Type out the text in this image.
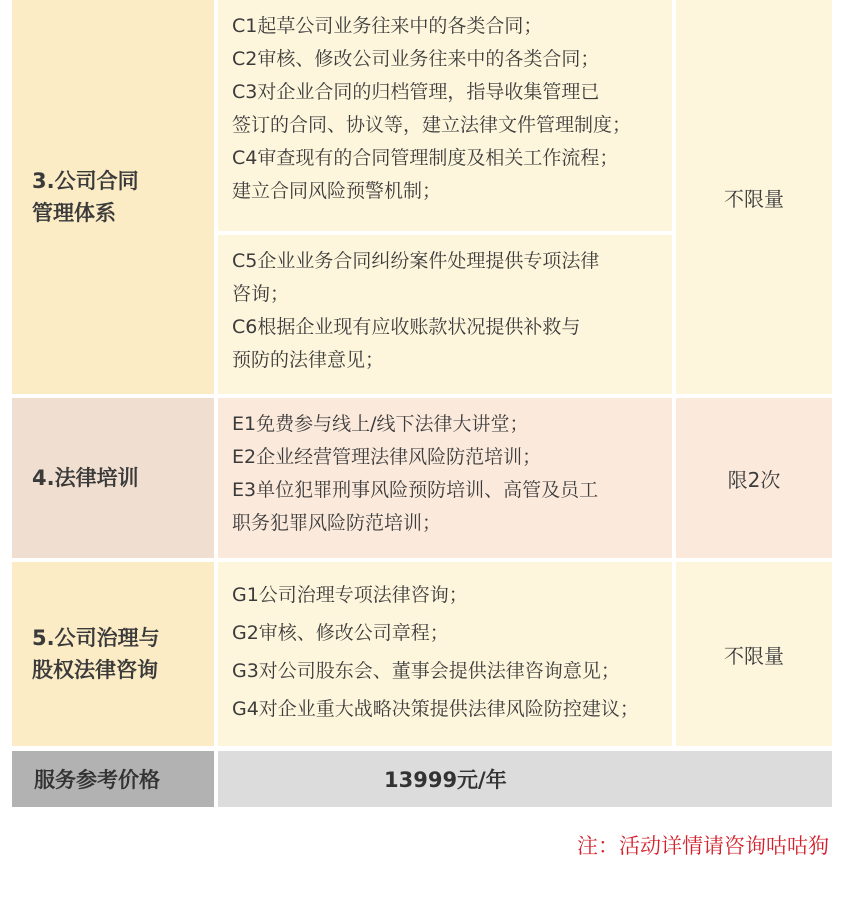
3.公司合同
管理体系
C1起草公司业务往来中的各类合同；
C2审核、修改公司业务往来中的各类合同；
C3对企业合同的归档管理，指导收集管理已
签订的合同、协议等，建立法律文件管理制度；
C4审查现有的合同管理制度及相关工作流程；
建立合同风险预警机制；
C5企业业务合同纠纷案件处理提供专项法律
咨询；
C6根据企业现有应收账款状况提供补救与
预防的法律意见；
不限量
4.法律培训
E1免费参与线上/线下法律大讲堂；
E2企业经营管理法律风险防范培训；
E3单位犯罪刑事风险预防培训、高管及员工
职务犯罪风险防范培训；
限2次
5.公司治理与
股权法律咨询
G1公司治理专项法律咨询；
G2审核、修改公司章程；
G3对公司股东会、董事会提供法律咨询意见；
G4对企业重大战略决策提供法律风险防控建议；
不限量
服务参考价格	13999元/年
注：活动详情请咨询咕咕狗
